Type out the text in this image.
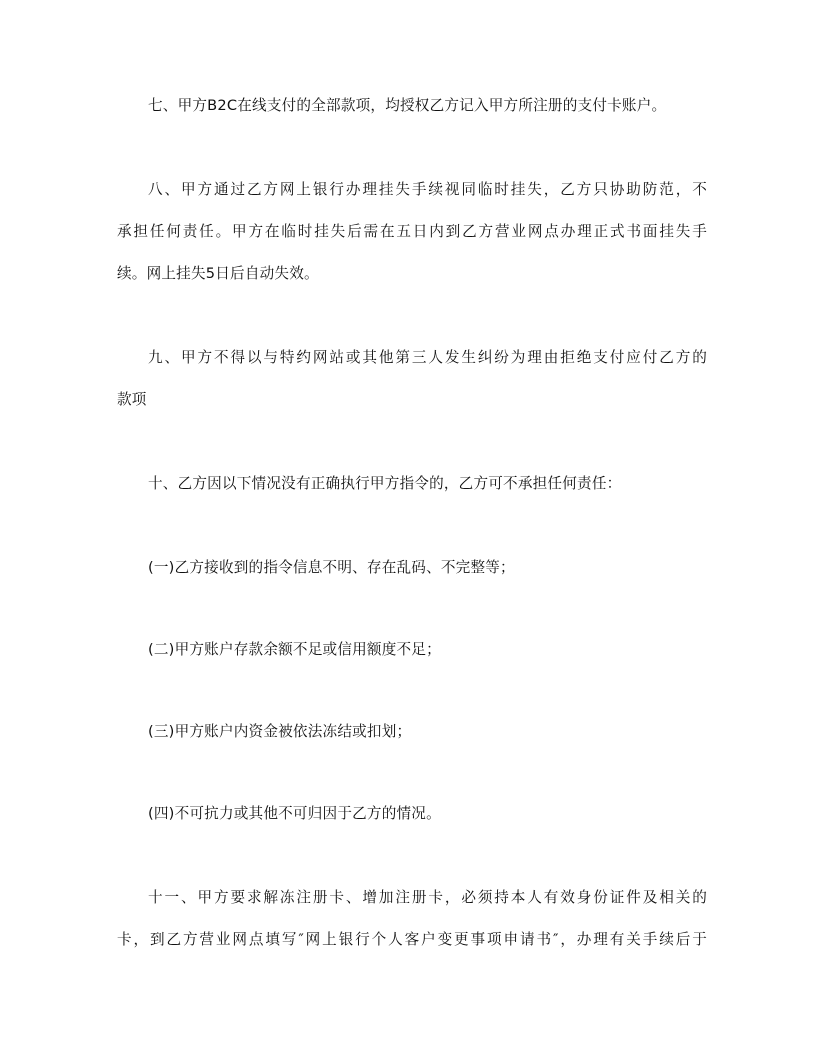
七、甲方B2C在线支付的全部款项，均授权乙方记入甲方所注册的支付卡账户。
八、甲方通过乙方网上银行办理挂失手续视同临时挂失，乙方只协助防范，不
承担任何责任。甲方在临时挂失后需在五日内到乙方营业网点办理正式书面挂失手
续。网上挂失5日后自动失效。
九、甲方不得以与特约网站或其他第三人发生纠纷为理由拒绝支付应付乙方的
款项
十、乙方因以下情况没有正确执行甲方指令的，乙方可不承担任何责任：
(一)乙方接收到的指令信息不明、存在乱码、不完整等；
(二)甲方账户存款余额不足或信用额度不足；
(三)甲方账户内资金被依法冻结或扣划；
(四)不可抗力或其他不可归因于乙方的情况。
十一、甲方要求解冻注册卡、增加注册卡，必须持本人有效身份证件及相关的
卡，到乙方营业网点填写″网上银行个人客户变更事项申请书″，办理有关手续后于
